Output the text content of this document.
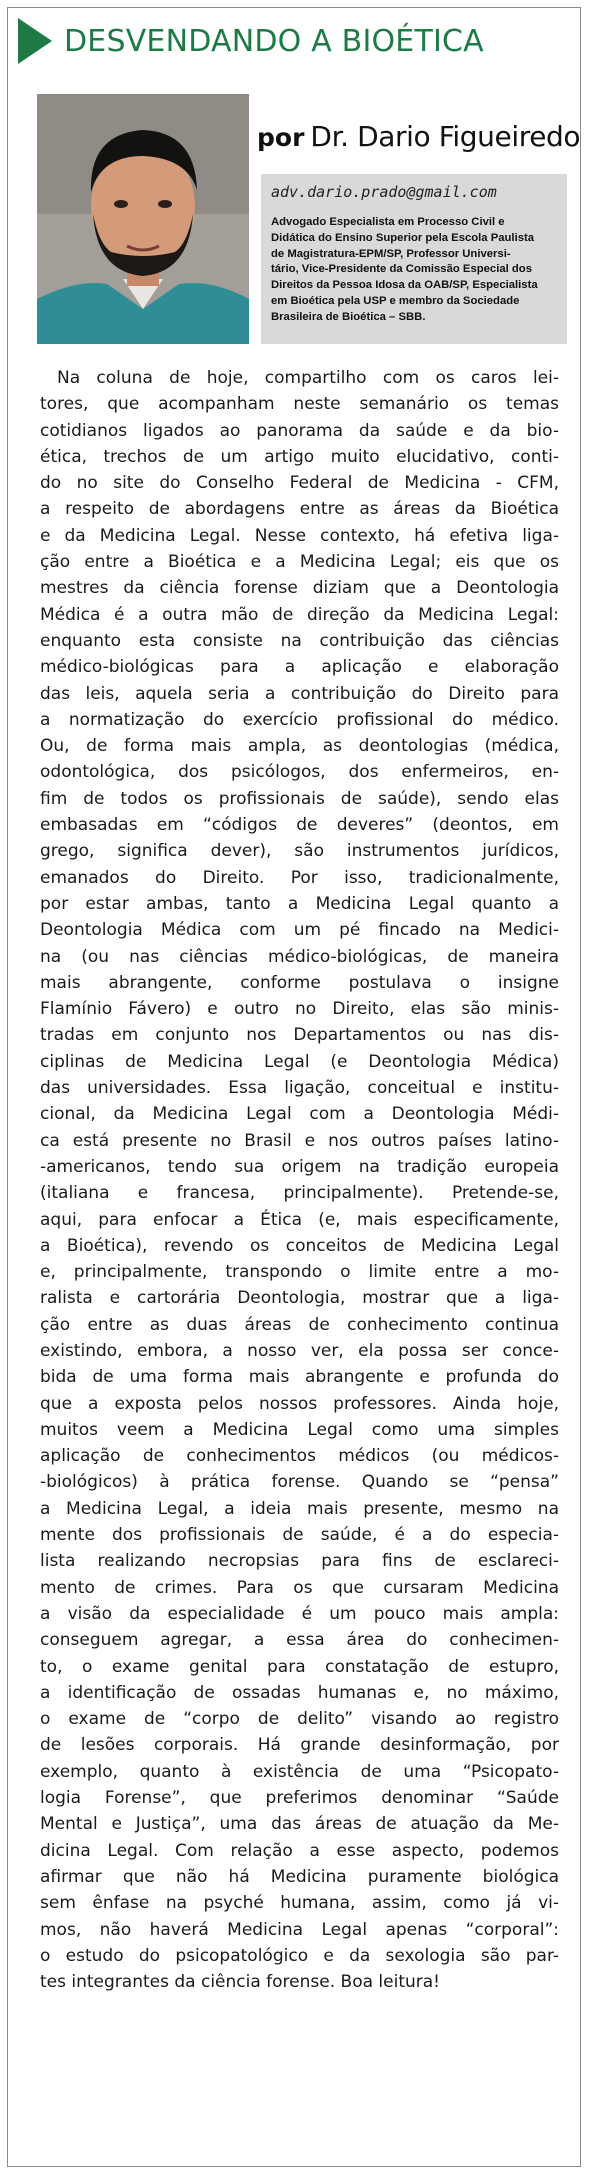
DESVENDANDO A BIOÉTICA
por Dr. Dario Figueiredo
adv.dario.prado@gmail.com
Advogado Especialista em Processo Civil e
Didática do Ensino Superior pela Escola Paulista
de Magistratura-EPM/SP, Professor Universi-
tário, Vice-Presidente da Comissão Especial dos
Direitos da Pessoa Idosa da OAB/SP, Especialista
em Bioética pela USP e membro da Sociedade
Brasileira de Bioética – SBB.
 Na coluna de hoje, compartilho com os caros lei-
tores, que acompanham neste semanário os temas
cotidianos ligados ao panorama da saúde e da bio-
ética, trechos de um artigo muito elucidativo, conti-
do no site do Conselho Federal de Medicina - CFM,
a respeito de abordagens entre as áreas da Bioética
e da Medicina Legal. Nesse contexto, há efetiva liga-
ção entre a Bioética e a Medicina Legal; eis que os
mestres da ciência forense diziam que a Deontologia
Médica é a outra mão de direção da Medicina Legal:
enquanto esta consiste na contribuição das ciências
médico-biológicas para a aplicação e elaboração
das leis, aquela seria a contribuição do Direito para
a normatização do exercício profissional do médico.
Ou, de forma mais ampla, as deontologias (médica,
odontológica, dos psicólogos, dos enfermeiros, en-
fim de todos os profissionais de saúde), sendo elas
embasadas em “códigos de deveres” (deontos, em
grego, significa dever), são instrumentos jurídicos,
emanados do Direito. Por isso, tradicionalmente,
por estar ambas, tanto a Medicina Legal quanto a
Deontologia Médica com um pé fincado na Medici-
na (ou nas ciências médico-biológicas, de maneira
mais abrangente, conforme postulava o insigne
Flamínio Fávero) e outro no Direito, elas são minis-
tradas em conjunto nos Departamentos ou nas dis-
ciplinas de Medicina Legal (e Deontologia Médica)
das universidades. Essa ligação, conceitual e institu-
cional, da Medicina Legal com a Deontologia Médi-
ca está presente no Brasil e nos outros países latino-
-americanos, tendo sua origem na tradição europeia
(italiana e francesa, principalmente). Pretende-se,
aqui, para enfocar a Ética (e, mais especificamente,
a Bioética), revendo os conceitos de Medicina Legal
e, principalmente, transpondo o limite entre a mo-
ralista e cartorária Deontologia, mostrar que a liga-
ção entre as duas áreas de conhecimento continua
existindo, embora, a nosso ver, ela possa ser conce-
bida de uma forma mais abrangente e profunda do
que a exposta pelos nossos professores. Ainda hoje,
muitos veem a Medicina Legal como uma simples
aplicação de conhecimentos médicos (ou médicos-
-biológicos) à prática forense. Quando se “pensa”
a Medicina Legal, a ideia mais presente, mesmo na
mente dos profissionais de saúde, é a do especia-
lista realizando necropsias para fins de esclareci-
mento de crimes. Para os que cursaram Medicina
a visão da especialidade é um pouco mais ampla:
conseguem agregar, a essa área do conhecimen-
to, o exame genital para constatação de estupro,
a identificação de ossadas humanas e, no máximo,
o exame de “corpo de delito” visando ao registro
de lesões corporais. Há grande desinformação, por
exemplo, quanto à existência de uma “Psicopato-
logia Forense”, que preferimos denominar “Saúde
Mental e Justiça”, uma das áreas de atuação da Me-
dicina Legal. Com relação a esse aspecto, podemos
afirmar que não há Medicina puramente biológica
sem ênfase na psyché humana, assim, como já vi-
mos, não haverá Medicina Legal apenas “corporal”:
o estudo do psicopatológico e da sexologia são par-
tes integrantes da ciência forense. Boa leitura!
